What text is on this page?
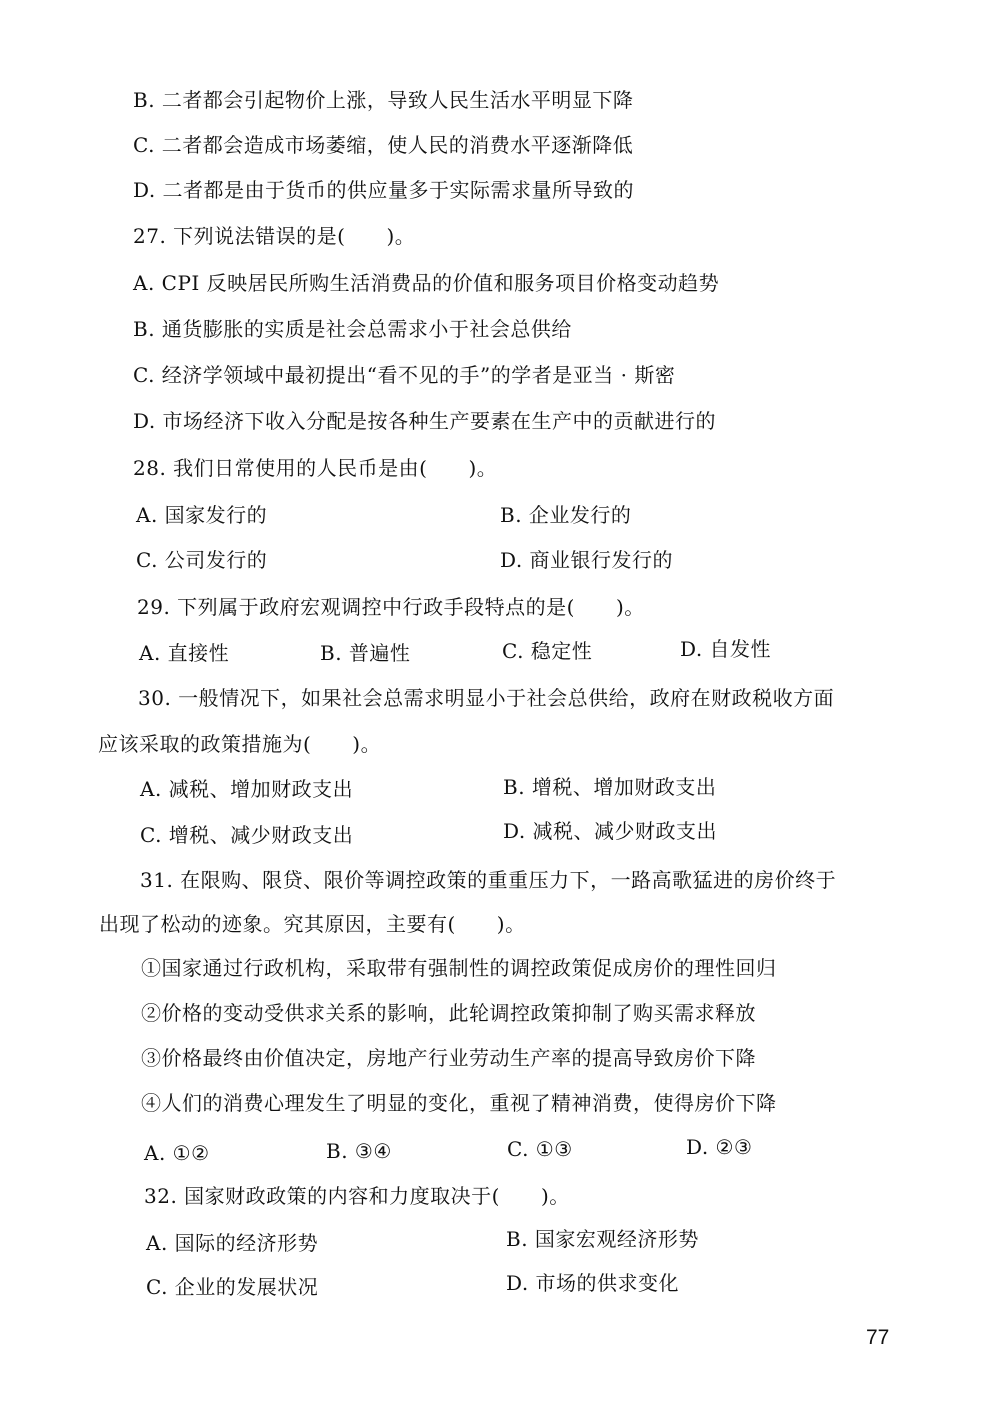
B. 二者都会引起物价上涨，导致人民生活水平明显下降
C. 二者都会造成市场萎缩，使人民的消费水平逐渐降低
D. 二者都是由于货币的供应量多于实际需求量所导致的
27. 下列说法错误的是(　　)。
A. CPI 反映居民所购生活消费品的价值和服务项目价格变动趋势
B. 通货膨胀的实质是社会总需求小于社会总供给
C. 经济学领域中最初提出“看不见的手”的学者是亚当 · 斯密
D. 市场经济下收入分配是按各种生产要素在生产中的贡献进行的
28. 我们日常使用的人民币是由(　　)。
A. 国家发行的	B. 企业发行的
C. 公司发行的	D. 商业银行发行的
29. 下列属于政府宏观调控中行政手段特点的是(　　)。
A. 直接性	B. 普遍性	C. 稳定性	D. 自发性
30. 一般情况下，如果社会总需求明显小于社会总供给，政府在财政税收方面
应该采取的政策措施为(　　)。
A. 减税、增加财政支出	B. 增税、增加财政支出
C. 增税、减少财政支出	D. 减税、减少财政支出
31. 在限购、限贷、限价等调控政策的重重压力下，一路高歌猛进的房价终于
出现了松动的迹象。究其原因，主要有(　　)。
①国家通过行政机构，采取带有强制性的调控政策促成房价的理性回归
②价格的变动受供求关系的影响，此轮调控政策抑制了购买需求释放
③价格最终由价值决定，房地产行业劳动生产率的提高导致房价下降
④人们的消费心理发生了明显的变化，重视了精神消费，使得房价下降
A. ①②	B. ③④	C. ①③	D. ②③
32. 国家财政政策的内容和力度取决于(　　)。
A. 国际的经济形势	B. 国家宏观经济形势
C. 企业的发展状况	D. 市场的供求变化
77
